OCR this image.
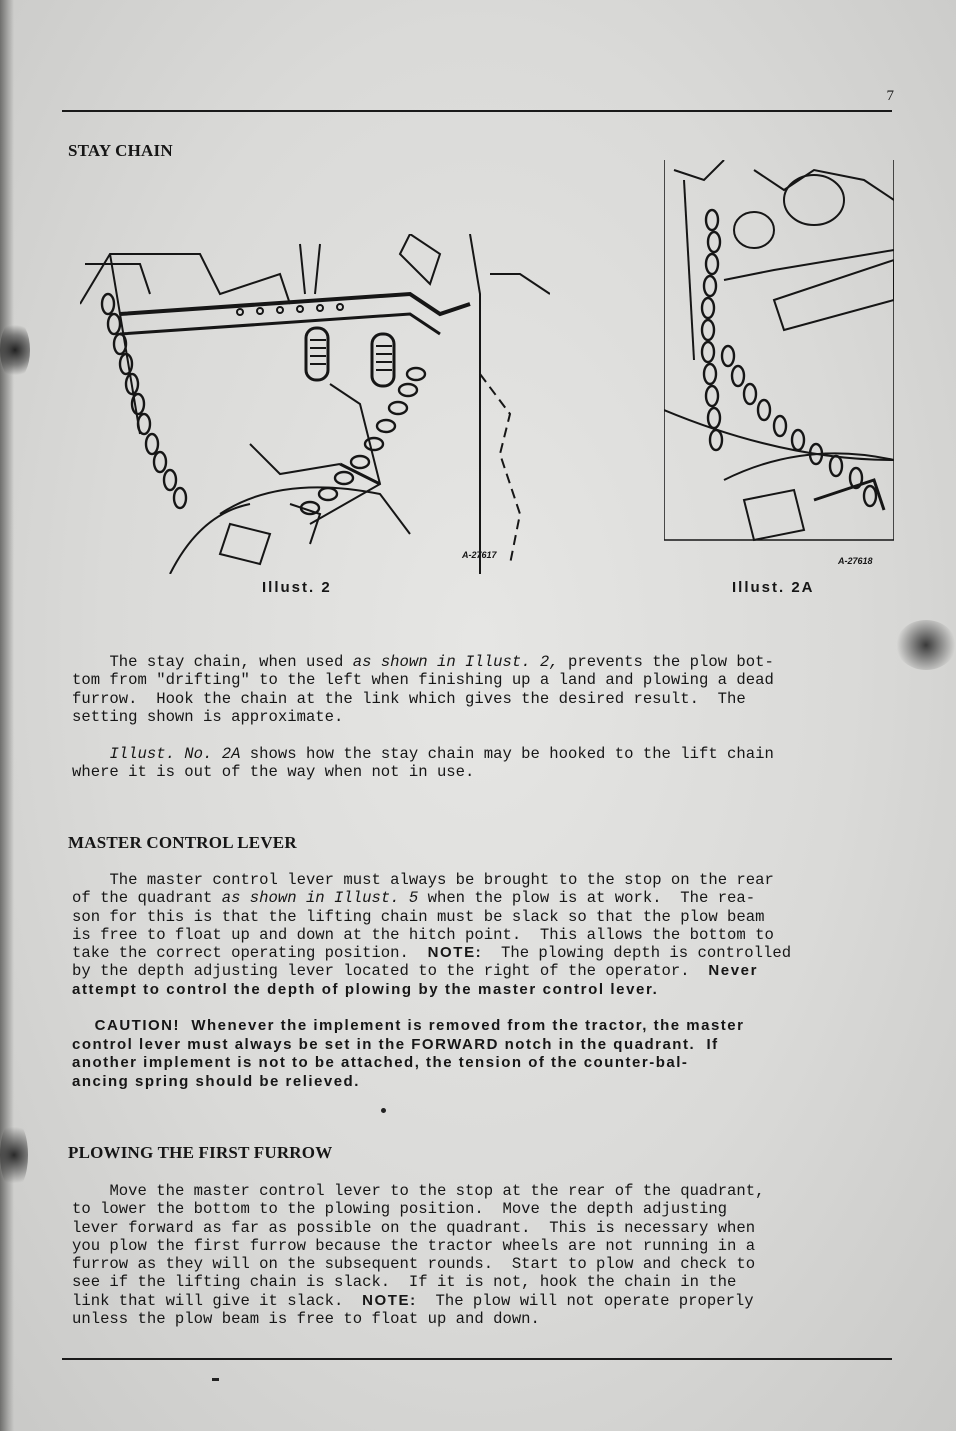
7
STAY CHAIN
A-27617
Illust. 2
A-27618
Illust. 2A
The stay chain, when used as shown in Illust. 2, prevents the plow bot-
tom from "drifting" to the left when finishing up a land and plowing a dead
furrow.  Hook the chain at the link which gives the desired result.  The
setting shown is approximate.
Illust. No. 2A shows how the stay chain may be hooked to the lift chain
where it is out of the way when not in use.
MASTER CONTROL LEVER
The master control lever must always be brought to the stop on the rear
of the quadrant as shown in Illust. 5 when the plow is at work.  The rea-
son for this is that the lifting chain must be slack so that the plow beam
is free to float up and down at the hitch point.  This allows the bottom to
take the correct operating position.  NOTE:  The plowing depth is controlled
by the depth adjusting lever located to the right of the operator.  Never
attempt to control the depth of plowing by the master control lever.
CAUTION!  Whenever the implement is removed from the tractor, the master
control lever must always be set in the FORWARD notch in the quadrant.  If
another implement is not to be attached, the tension of the counter-bal-
ancing spring should be relieved.
PLOWING THE FIRST FURROW
Move the master control lever to the stop at the rear of the quadrant,
to lower the bottom to the plowing position.  Move the depth adjusting
lever forward as far as possible on the quadrant.  This is necessary when
you plow the first furrow because the tractor wheels are not running in a
furrow as they will on the subsequent rounds.  Start to plow and check to
see if the lifting chain is slack.  If it is not, hook the chain in the
link that will give it slack.  NOTE:  The plow will not operate properly
unless the plow beam is free to float up and down.
